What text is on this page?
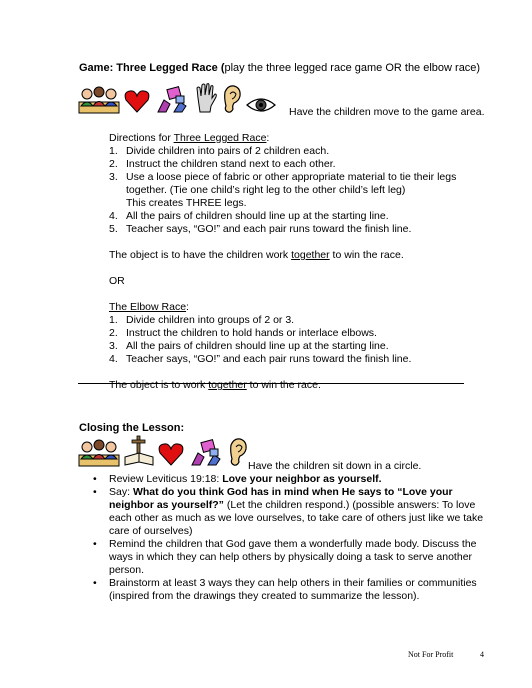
Game: Three Legged Race (play the three legged race game OR the elbow race)
Have the children move to the game area.
Directions for Three Legged Race:
1. Divide children into pairs of 2 children each.
2. Instruct the children stand next to each other.
3. Use a loose piece of fabric or other appropriate material to tie their legs together. (Tie one child’s right leg to the other child’s left leg)
This creates THREE legs.
4. All the pairs of children should line up at the starting line.
5. Teacher says, “GO!” and each pair runs toward the finish line.
The object is to have the children work together to win the race.
OR
The Elbow Race:
1. Divide children into groups of 2 or 3.
2. Instruct the children to hold hands or interlace elbows.
3. All the pairs of children should line up at the starting line.
4. Teacher says, “GO!” and each pair runs toward the finish line.
The object is to work together to win the race.
Closing the Lesson:
Have the children sit down in a circle.
• Review Leviticus 19:18: Love your neighbor as yourself.
• Say: What do you think God has in mind when He says to “Love your neighbor as yourself?” (Let the children respond.) (possible answers: To love each other as much as we love ourselves, to take care of others just like we take care of ourselves)
• Remind the children that God gave them a wonderfully made body. Discuss the ways in which they can help others by physically doing a task to serve another person.
• Brainstorm at least 3 ways they can help others in their families or communities (inspired from the drawings they created to summarize the lesson).
Not For Profit	4
